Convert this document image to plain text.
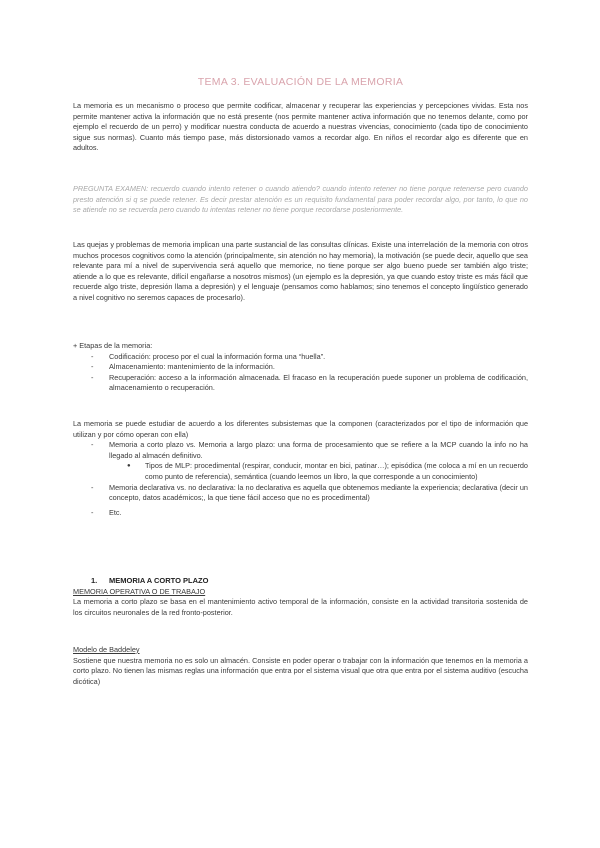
TEMA 3. EVALUACIÓN DE LA MEMORIA

La memoria es un mecanismo o proceso que permite codificar, almacenar y recuperar las experiencias y percepciones vividas. Esta nos permite mantener activa la información que no está presente (nos permite mantener activa información que no tenemos delante, como por ejemplo el recuerdo de un perro) y modificar nuestra conducta de acuerdo a nuestras vivencias, conocimiento (cada tipo de conocimiento sigue sus normas). Cuanto más tiempo pase, más distorsionado vamos a recordar algo. En niños el recordar algo es diferente que en adultos.

PREGUNTA EXAMEN: recuerdo cuando intento retener o cuando atiendo? cuando intento retener no tiene porque retenerse pero cuando presto atención si q se puede retener. Es decir prestar atención es un requisito fundamental para poder recordar algo, por tanto, lo que no se atiende no se recuerda pero cuando tu intentas retener no tiene porque recordarse posteriormente.

Las quejas y problemas de memoria implican una parte sustancial de las consultas clínicas. Existe una interrelación de la memoria con otros muchos procesos cognitivos como la atención (principalmente, sin atención no hay memoria), la motivación (se puede decir, aquello que sea relevante para mí a nivel de supervivencia será aquello que memorice, no tiene porque ser algo bueno puede ser también algo triste; atiende a lo que es relevante, difícil engañarse a nosotros mismos) (un ejemplo es la depresión, ya que cuando estoy triste es más fácil que recuerde algo triste, depresión llama a depresión) y el lenguaje (pensamos como hablamos; sino tenemos el concepto lingüístico generado a nivel cognitivo no seremos capaces de procesarlo).

+ Etapas de la memoria:

- Codificación: proceso por el cual la información forma una “huella”.
- Almacenamiento: mantenimiento de la información.
- Recuperación: acceso a la información almacenada. El fracaso en la recuperación puede suponer un problema de codificación, almacenamiento o recuperación.

La memoria se puede estudiar de acuerdo a los diferentes subsistemas que la componen (caracterizados por el tipo de información que utilizan y por cómo operan con ella)

- Memoria a corto plazo vs. Memoria a largo plazo: una forma de procesamiento que se refiere a la MCP cuando la info no ha llegado al almacén definitivo.
● Tipos de MLP: procedimental (respirar, conducir, montar en bici, patinar…); episódica (me coloca a mí en un recuerdo como punto de referencia), semántica (cuando leemos un libro, la que corresponde a un conocimiento)
- Memoria declarativa vs. no declarativa: la no declarativa es aquella que obtenemos mediante la experiencia; declarativa (decir un concepto, datos académicos;, la que tiene fácil acceso que no es procedimental)
- Etc.
1. MEMORIA A CORTO PLAZO
MEMORIA OPERATIVA O DE TRABAJO

La memoria a corto plazo se basa en el mantenimiento activo temporal de la información, consiste en la actividad transitoria sostenida de los circuitos neuronales de la red fronto-posterior.

Modelo de Baddeley

Sostiene que nuestra memoria no es solo un almacén. Consiste en poder operar o trabajar con la información que tenemos en la memoria a corto plazo. No tienen las mismas reglas una información que entra por el sistema visual que otra que entra por el sistema auditivo (escucha dicótica)
